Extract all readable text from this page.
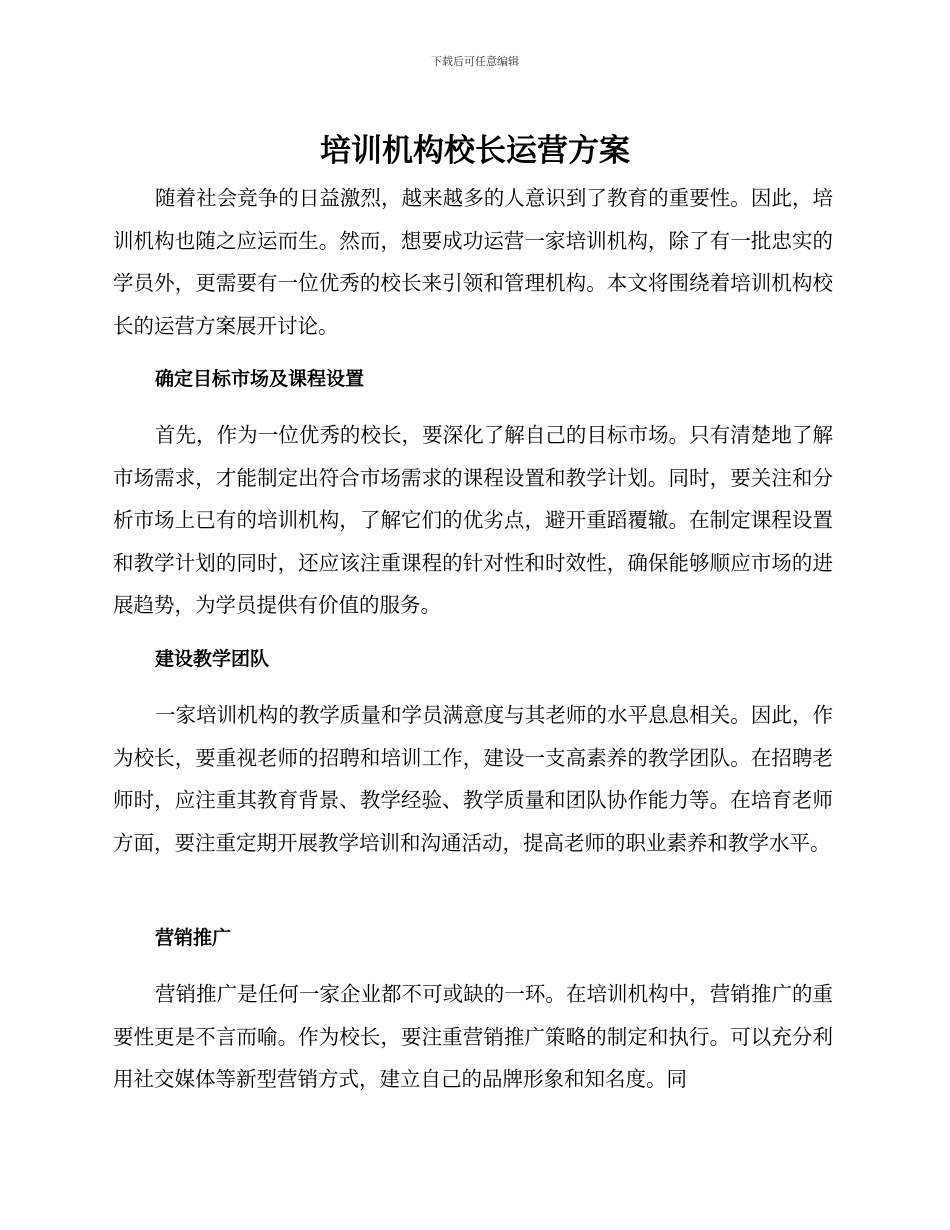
下载后可任意编辑
培训机构校长运营方案

随着社会竞争的日益激烈，越来越多的人意识到了教育的重要性。因此，培训机构也随之应运而生。然而，想要成功运营一家培训机构，除了有一批忠实的学员外，更需要有一位优秀的校长来引领和管理机构。本文将围绕着培训机构校长的运营方案展开讨论。

确定目标市场及课程设置

首先，作为一位优秀的校长，要深化了解自己的目标市场。只有清楚地了解市场需求，才能制定出符合市场需求的课程设置和教学计划。同时，要关注和分析市场上已有的培训机构，了解它们的优劣点，避开重蹈覆辙。在制定课程设置和教学计划的同时，还应该注重课程的针对性和时效性，确保能够顺应市场的进展趋势，为学员提供有价值的服务。

建设教学团队

一家培训机构的教学质量和学员满意度与其老师的水平息息相关。因此，作为校长，要重视老师的招聘和培训工作，建设一支高素养的教学团队。在招聘老师时，应注重其教育背景、教学经验、教学质量和团队协作能力等。在培育老师方面，要注重定期开展教学培训和沟通活动，提高老师的职业素养和教学水平。

营销推广

营销推广是任何一家企业都不可或缺的一环。在培训机构中，营销推广的重要性更是不言而喻。作为校长，要注重营销推广策略的制定和执行。可以充分利用社交媒体等新型营销方式，建立自己的品牌形象和知名度。同
